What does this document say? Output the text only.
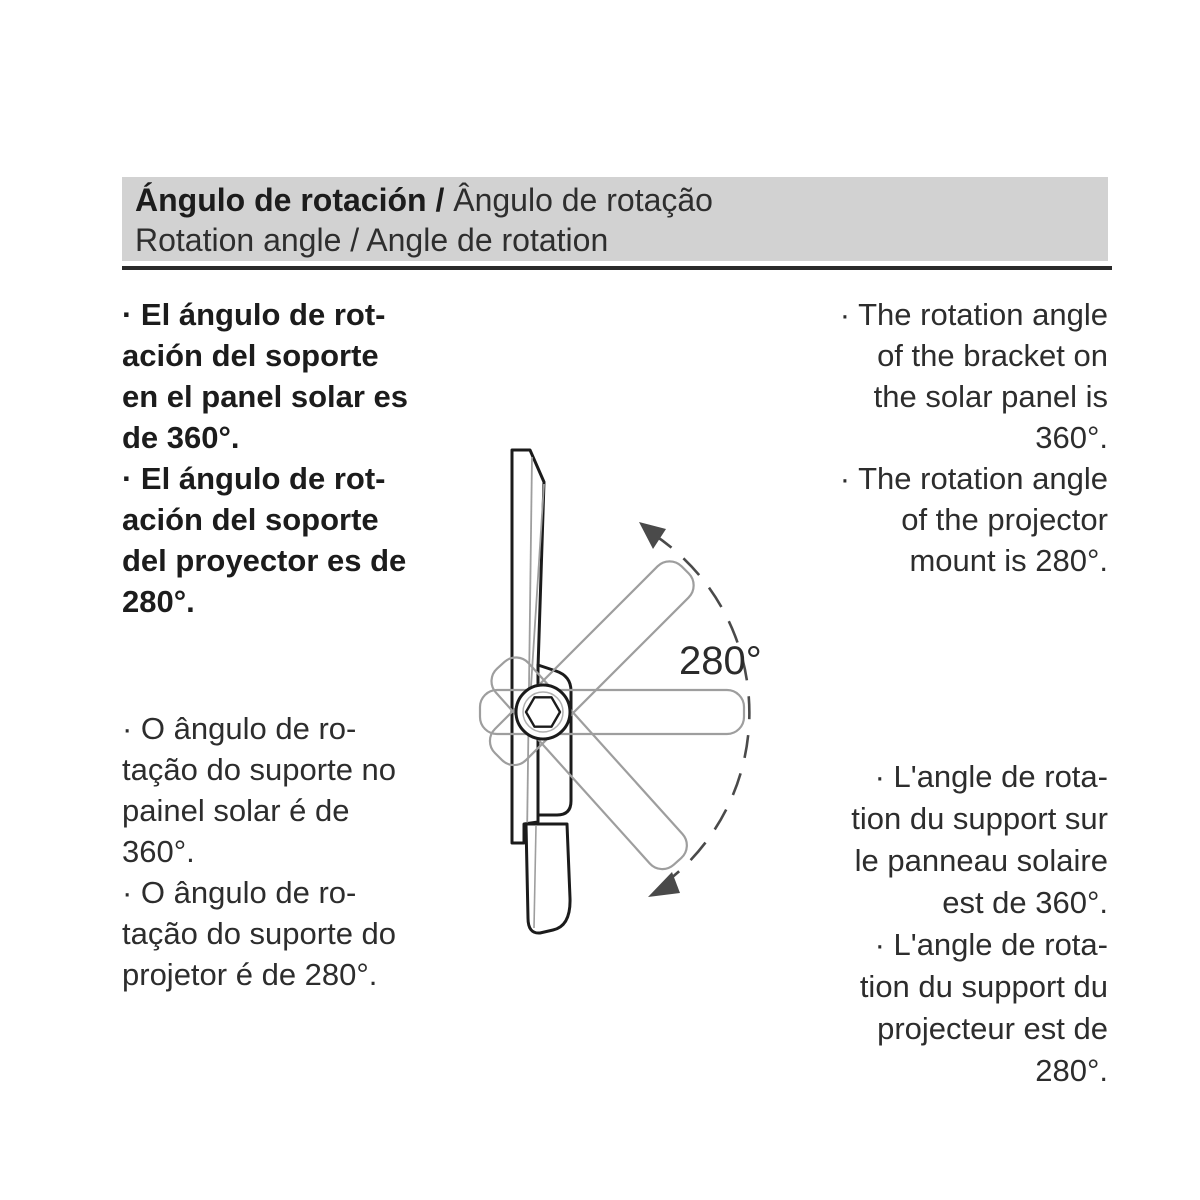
Ángulo de rotación / Ângulo de rotação
Rotation angle / Angle de rotation
· El ángulo de rot-
ación del soporte
en el panel solar es
de 360°.
· El ángulo de rot-
ación del soporte
del proyector es de
280°.
· The rotation angle
of the bracket on
the solar panel is
360°.
· The rotation angle
of the projector
mount is 280°.
· O ângulo de ro-
tação do suporte no
painel solar é de
360°.
· O ângulo de ro-
tação do suporte do
projetor é de 280°.
· L'angle de rota-
tion du support sur
le panneau solaire
est de 360°.
· L'angle de rota-
tion du support du
projecteur est de
280°.
280°
